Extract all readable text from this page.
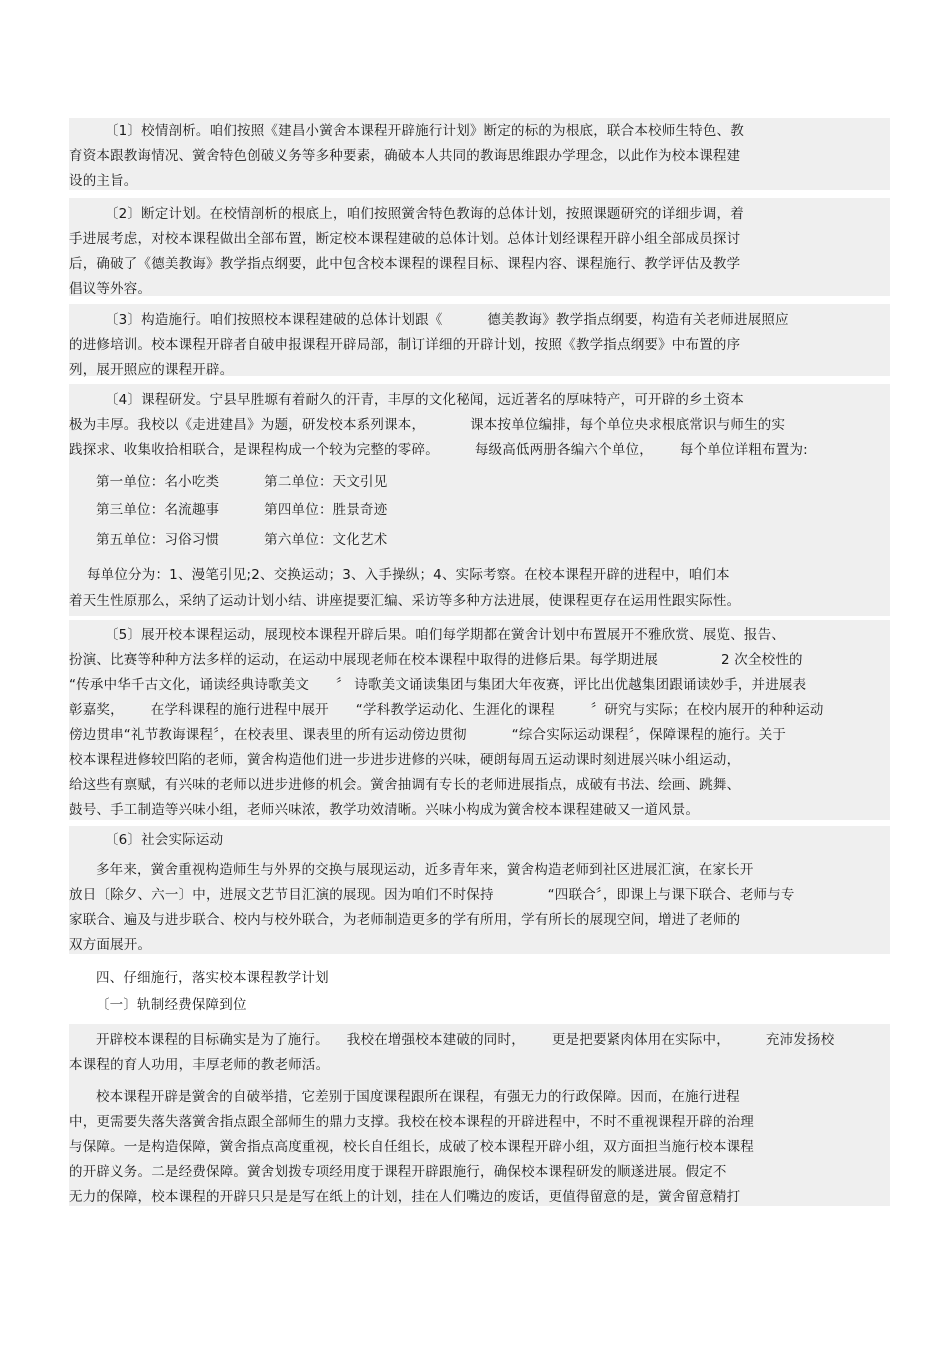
〔1〕校情剖析。咱们按照《建昌小黉舍本课程开辟施行计划》断定的标的为根底，联合本校师生特色、教
育资本跟教诲情况、黉舍特色创破义务等多种要素，确破本人共同的教诲思维跟办学理念，以此作为校本课程建
设的主旨。
〔2〕断定计划。在校情剖析的根底上，咱们按照黉舍特色教诲的总体计划，按照课题研究的详细步调，着
手进展考虑，对校本课程做出全部布置，断定校本课程建破的总体计划。总体计划经课程开辟小组全部成员探讨
后，确破了《德美教诲》教学指点纲要，此中包含校本课程的课程目标、课程内容、课程施行、教学评估及教学
倡议等外容。
〔3〕构造施行。咱们按照校本课程建破的总体计划跟《          德美教诲》教学指点纲要，构造有关老师进展照应
的进修培训。校本课程开辟者自破申报课程开辟局部，制订详细的开辟计划，按照《教学指点纲要》中布置的序
列，展开照应的课程开辟。
〔4〕课程研发。宁县早胜塬有着耐久的汗青，丰厚的文化秘闻，远近著名的厚味特产，可开辟的乡土资本
极为丰厚。我校以《走进建昌》为题，研发校本系列课本，          课本按单位编排，每个单位央求根底常识与师生的实
践探求、收集收拾相联合，是课程构成一个较为完整的零碎。        每级高低两册各编六个单位，      每个单位详粗布置为:
第一单位：名小吃类          第二单位：天文引见
第三单位：名流趣事          第四单位：胜景奇迹
第五单位：习俗习惯          第六单位：文化艺术
每单位分为：1、漫笔引见;2、交换运动；3、入手操纵；4、实际考察。在校本课程开辟的进程中，咱们本
着天生性原那么，采纳了运动计划小结、讲座提要汇编、采访等多种方法进展，使课程更存在运用性跟实际性。
〔5〕展开校本课程运动，展现校本课程开辟后果。咱们每学期都在黉舍计划中布置展开不雅欣赏、展览、报告、
扮演、比赛等种种方法多样的运动，在运动中展现老师在校本课程中取得的进修后果。每学期进展              2 次全校性的
“传承中华千古文化，诵读经典诗歌美文      〞 诗歌美文诵读集团与集团大年夜赛，评比出优越集团跟诵读妙手，并进展表
彰嘉奖，      在学科课程的施行进程中展开      “学科教学运动化、生涯化的课程        〞研究与实际；在校内展开的种种运动
傍边贯串“礼节教诲课程〞，在校表里、课表里的所有运动傍边贯彻          “综合实际运动课程〞，保障课程的施行。关于
校本课程进修较凹陷的老师，黉舍构造他们进一步进步进修的兴味，硬朗每周五运动课时刻进展兴味小组运动，
给这些有禀赋，有兴味的老师以进步进修的机会。黉舍抽调有专长的老师进展指点，成破有书法、绘画、跳舞、
鼓号、手工制造等兴味小组，老师兴味浓，教学功效清晰。兴味小构成为黉舍校本课程建破又一道风景。
〔6〕社会实际运动
多年来，黉舍重视构造师生与外界的交换与展现运动，近多青年来，黉舍构造老师到社区进展汇演，在家长开
放日〔除夕、六一〕中，进展文艺节目汇演的展现。因为咱们不时保持            “四联合〞，即课上与课下联合、老师与专
家联合、遍及与进步联合、校内与校外联合，为老师制造更多的学有所用，学有所长的展现空间，增进了老师的
双方面展开。
四、仔细施行，落实校本课程教学计划
〔一〕轨制经费保障到位
开辟校本课程的目标确实是为了施行。    我校在增强校本建破的同时，      更是把要紧肉体用在实际中，        充沛发扬校
本课程的育人功用，丰厚老师的教老师活。
校本课程开辟是黉舍的自破举措，它差别于国度课程跟所在课程，有强无力的行政保障。因而，在施行进程
中，更需要失落失落黉舍指点跟全部师生的鼎力支撑。我校在校本课程的开辟进程中，不时不重视课程开辟的治理
与保障。一是构造保障，黉舍指点高度重视，校长自任组长，成破了校本课程开辟小组，双方面担当施行校本课程
的开辟义务。二是经费保障。黉舍划拨专项经用度于课程开辟跟施行，确保校本课程研发的顺遂进展。假定不
无力的保障，校本课程的开辟只只是是写在纸上的计划，挂在人们嘴边的废话，更值得留意的是，黉舍留意精打
